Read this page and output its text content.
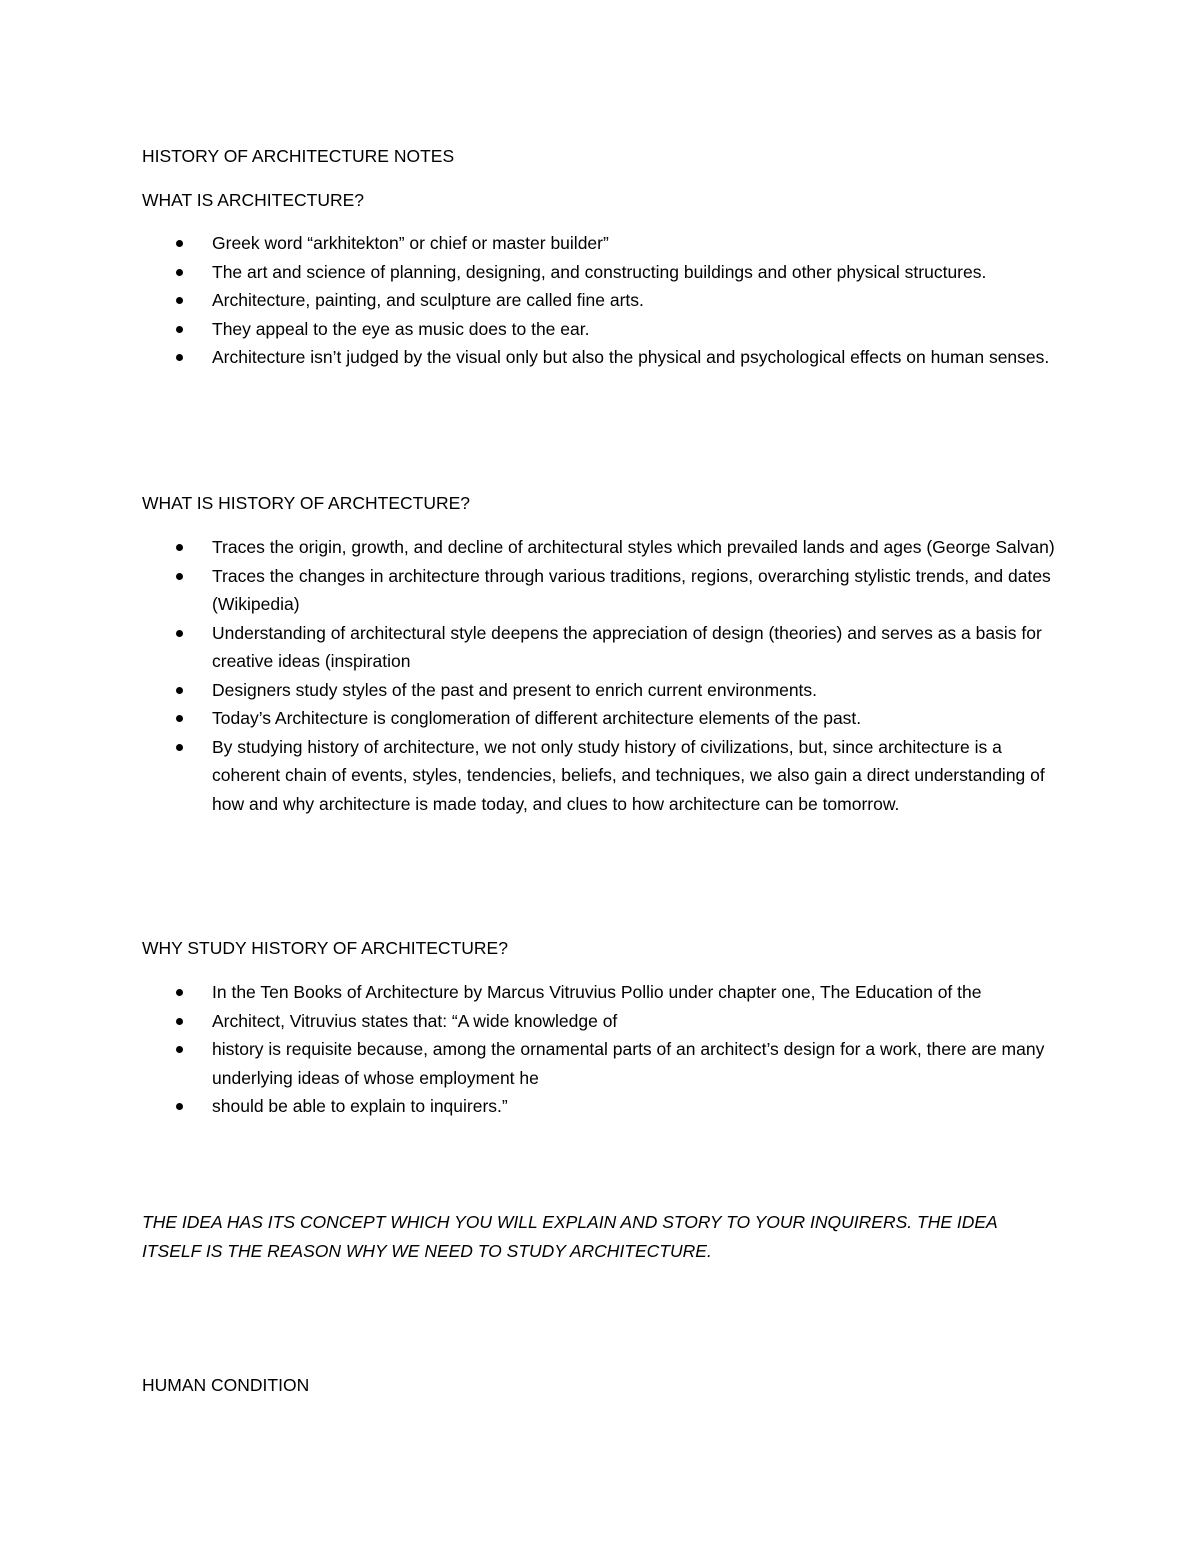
HISTORY OF ARCHITECTURE NOTES
WHAT IS ARCHITECTURE?
Greek word “arkhitekton” or chief or master builder”
The art and science of planning, designing, and constructing buildings and other physical structures.
Architecture, painting, and sculpture are called fine arts.
They appeal to the eye as music does to the ear.
Architecture isn’t judged by the visual only but also the physical and psychological effects on human senses.
WHAT IS HISTORY OF ARCHTECTURE?
Traces the origin, growth, and decline of architectural styles which prevailed lands and ages (George Salvan)
Traces the changes in architecture through various traditions, regions, overarching stylistic trends, and dates (Wikipedia)
Understanding of architectural style deepens the appreciation of design (theories) and serves as a basis for creative ideas (inspiration
Designers study styles of the past and present to enrich current environments.
Today’s Architecture is conglomeration of different architecture elements of the past.
By studying history of architecture, we not only study history of civilizations, but, since architecture is a coherent chain of events, styles, tendencies, beliefs, and techniques, we also gain a direct understanding of how and why architecture is made today, and clues to how architecture can be tomorrow.
WHY STUDY HISTORY OF ARCHITECTURE?
In the Ten Books of Architecture by Marcus Vitruvius Pollio under chapter one, The Education of the
Architect, Vitruvius states that: “A wide knowledge of
history is requisite because, among the ornamental parts of an architect’s design for a work, there are many underlying ideas of whose employment he
should be able to explain to inquirers.”
THE IDEA HAS ITS CONCEPT WHICH YOU WILL EXPLAIN AND STORY TO YOUR INQUIRERS. THE IDEA ITSELF IS THE REASON WHY WE NEED TO STUDY ARCHITECTURE.
HUMAN CONDITION
